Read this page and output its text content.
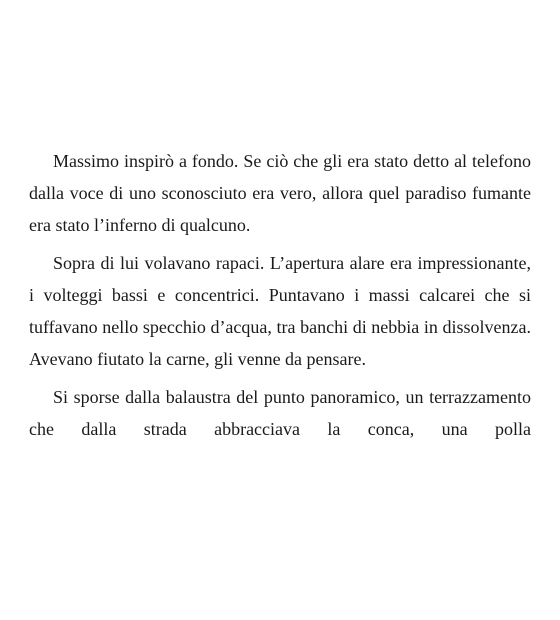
Massimo inspirò a fondo. Se ciò che gli era stato detto al telefono dalla voce di uno sconosciuto era vero, allora quel paradiso fumante era stato l’inferno di qualcuno.

Sopra di lui volavano rapaci. L’apertura alare era impressionante, i volteggi bassi e concentrici. Puntavano i massi calcarei che si tuffavano nello specchio d’acqua, tra banchi di nebbia in dissolvenza. Avevano fiutato la carne, gli venne da pensare.

Si sporse dalla balaustra del punto panoramico, un terrazzamento che dalla strada abbracciava la conca, una polla
